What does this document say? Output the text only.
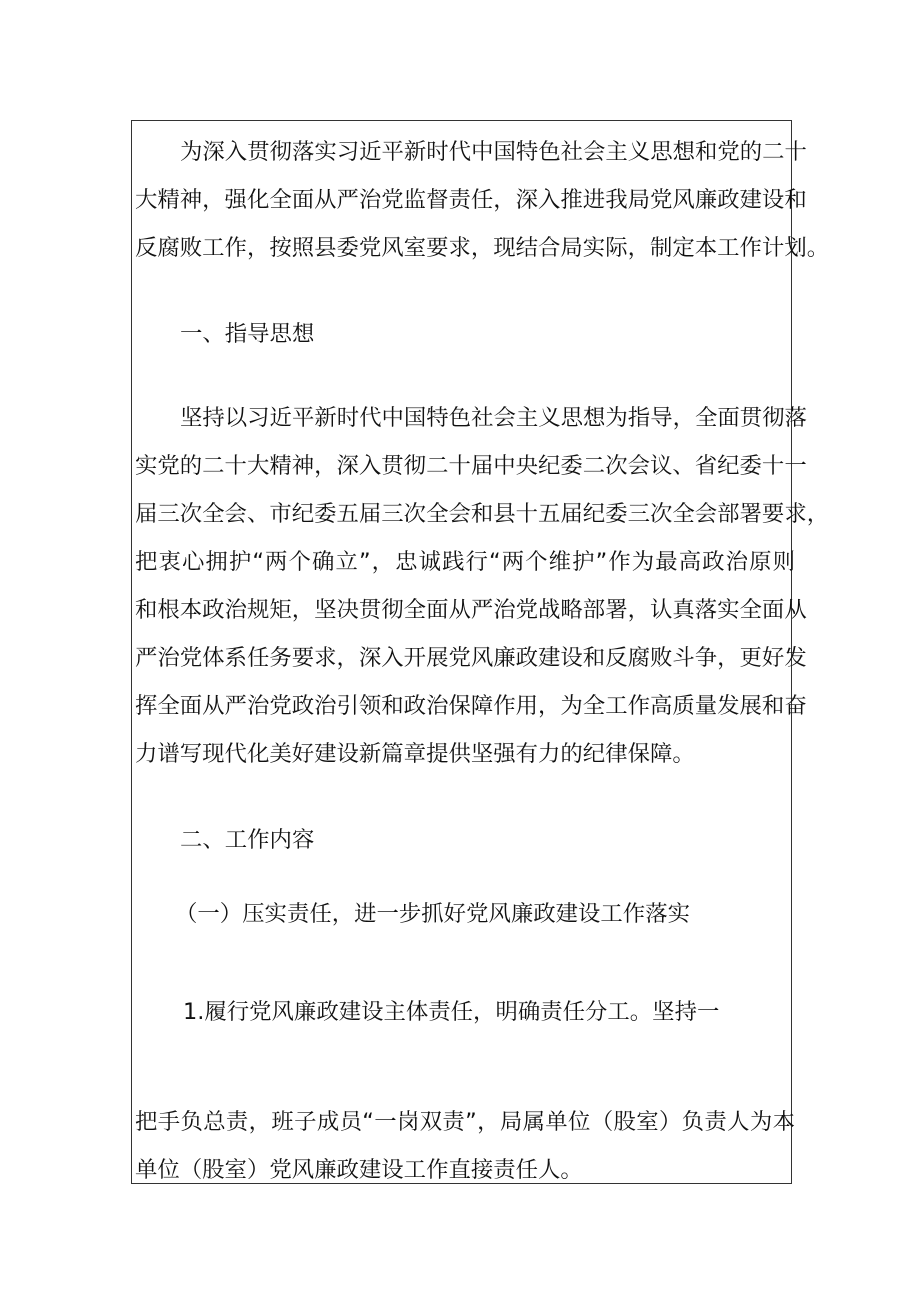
为深入贯彻落实习近平新时代中国特色社会主义思想和党的二十
大精神，强化全面从严治党监督责任，深入推进我局党风廉政建设和
反腐败工作，按照县委党风室要求，现结合局实际，制定本工作计划。
一、指导思想
坚持以习近平新时代中国特色社会主义思想为指导，全面贯彻落
实党的二十大精神，深入贯彻二十届中央纪委二次会议、省纪委十一
届三次全会、市纪委五届三次全会和县十五届纪委三次全会部署要求，
把衷心拥护“两个确立”，忠诚践行“两个维护”作为最高政治原则
和根本政治规矩，坚决贯彻全面从严治党战略部署，认真落实全面从
严治党体系任务要求，深入开展党风廉政建设和反腐败斗争，更好发
挥全面从严治党政治引领和政治保障作用，为全工作高质量发展和奋
力谱写现代化美好建设新篇章提供坚强有力的纪律保障。
二、工作内容
（一）压实责任，进一步抓好党风廉政建设工作落实
1.履行党风廉政建设主体责任，明确责任分工。坚持一
把手负总责，班子成员“一岗双责”，局属单位（股室）负责人为本
单位（股室）党风廉政建设工作直接责任人。
